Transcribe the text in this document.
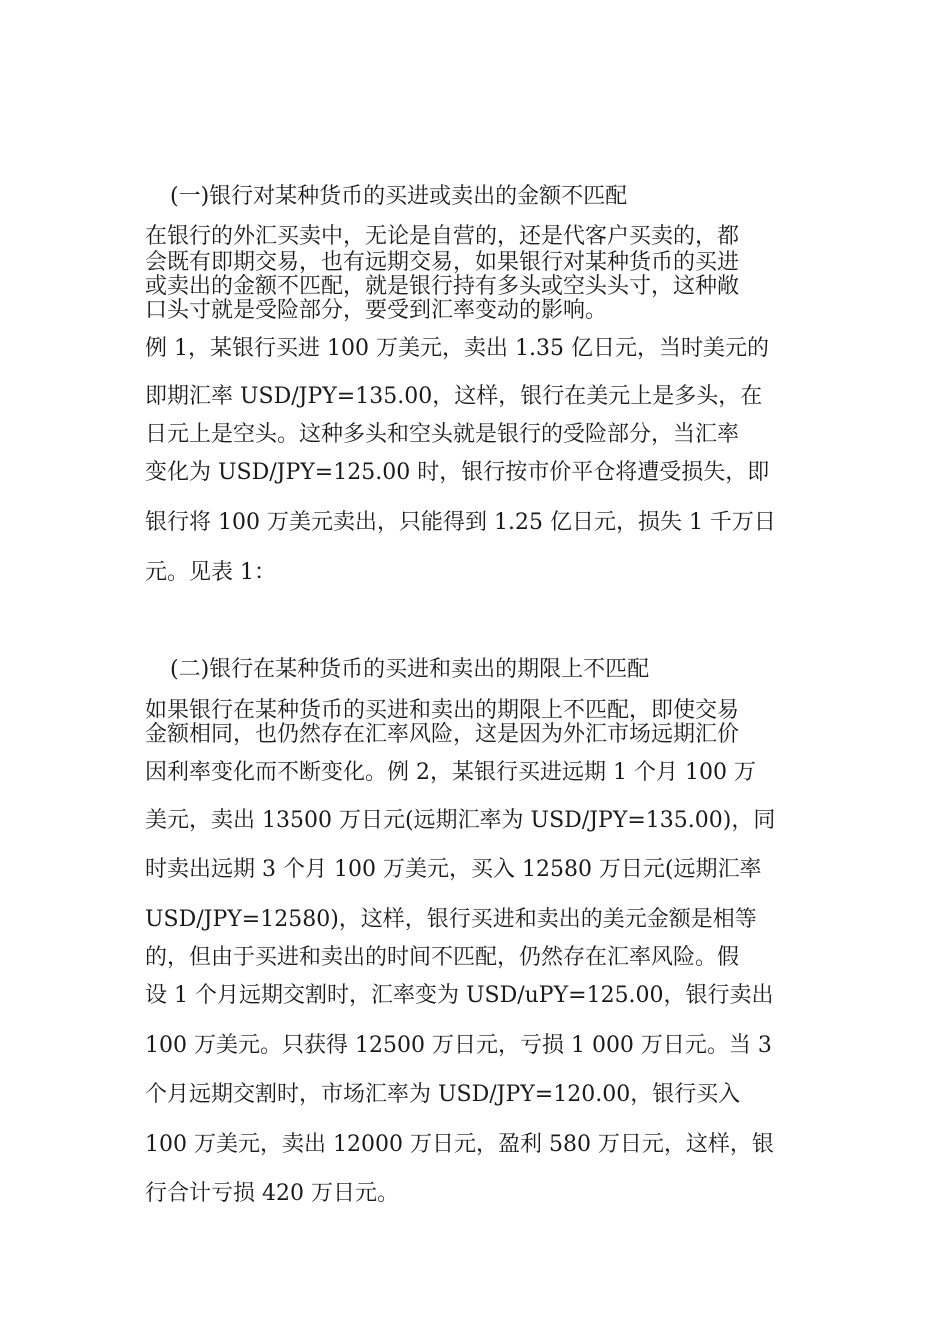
(一)银行对某种货币的买进或卖出的金额不匹配
在银行的外汇买卖中，无论是自营的，还是代客户买卖的，都
会既有即期交易，也有远期交易，如果银行对某种货币的买进
或卖出的金额不匹配，就是银行持有多头或空头头寸，这种敞
口头寸就是受险部分，要受到汇率变动的影响。
例 1，某银行买进 100 万美元，卖出 1.35 亿日元，当时美元的
即期汇率 USD/JPY=135.00，这样，银行在美元上是多头，在
日元上是空头。这种多头和空头就是银行的受险部分，当汇率
变化为 USD/JPY=125.00 时，银行按市价平仓将遭受损失，即
银行将 100 万美元卖出，只能得到 1.25 亿日元，损失 1 千万日
元。见表 1：
(二)银行在某种货币的买进和卖出的期限上不匹配
如果银行在某种货币的买进和卖出的期限上不匹配，即使交易
金额相同，也仍然存在汇率风险，这是因为外汇市场远期汇价
因利率变化而不断变化。例 2，某银行买进远期 1 个月 100 万
美元，卖出 13500 万日元(远期汇率为 USD/JPY=135.00)，同
时卖出远期 3 个月 100 万美元，买入 12580 万日元(远期汇率
USD/JPY=12580)，这样，银行买进和卖出的美元金额是相等
的，但由于买进和卖出的时间不匹配，仍然存在汇率风险。假
设 1 个月远期交割时，汇率变为 USD/uPY=125.00，银行卖出
100 万美元。只获得 12500 万日元，亏损 1 000 万日元。当 3
个月远期交割时，市场汇率为 USD/JPY=120.00，银行买入
100 万美元，卖出 12000 万日元，盈利 580 万日元，这样，银
行合计亏损 420 万日元。
